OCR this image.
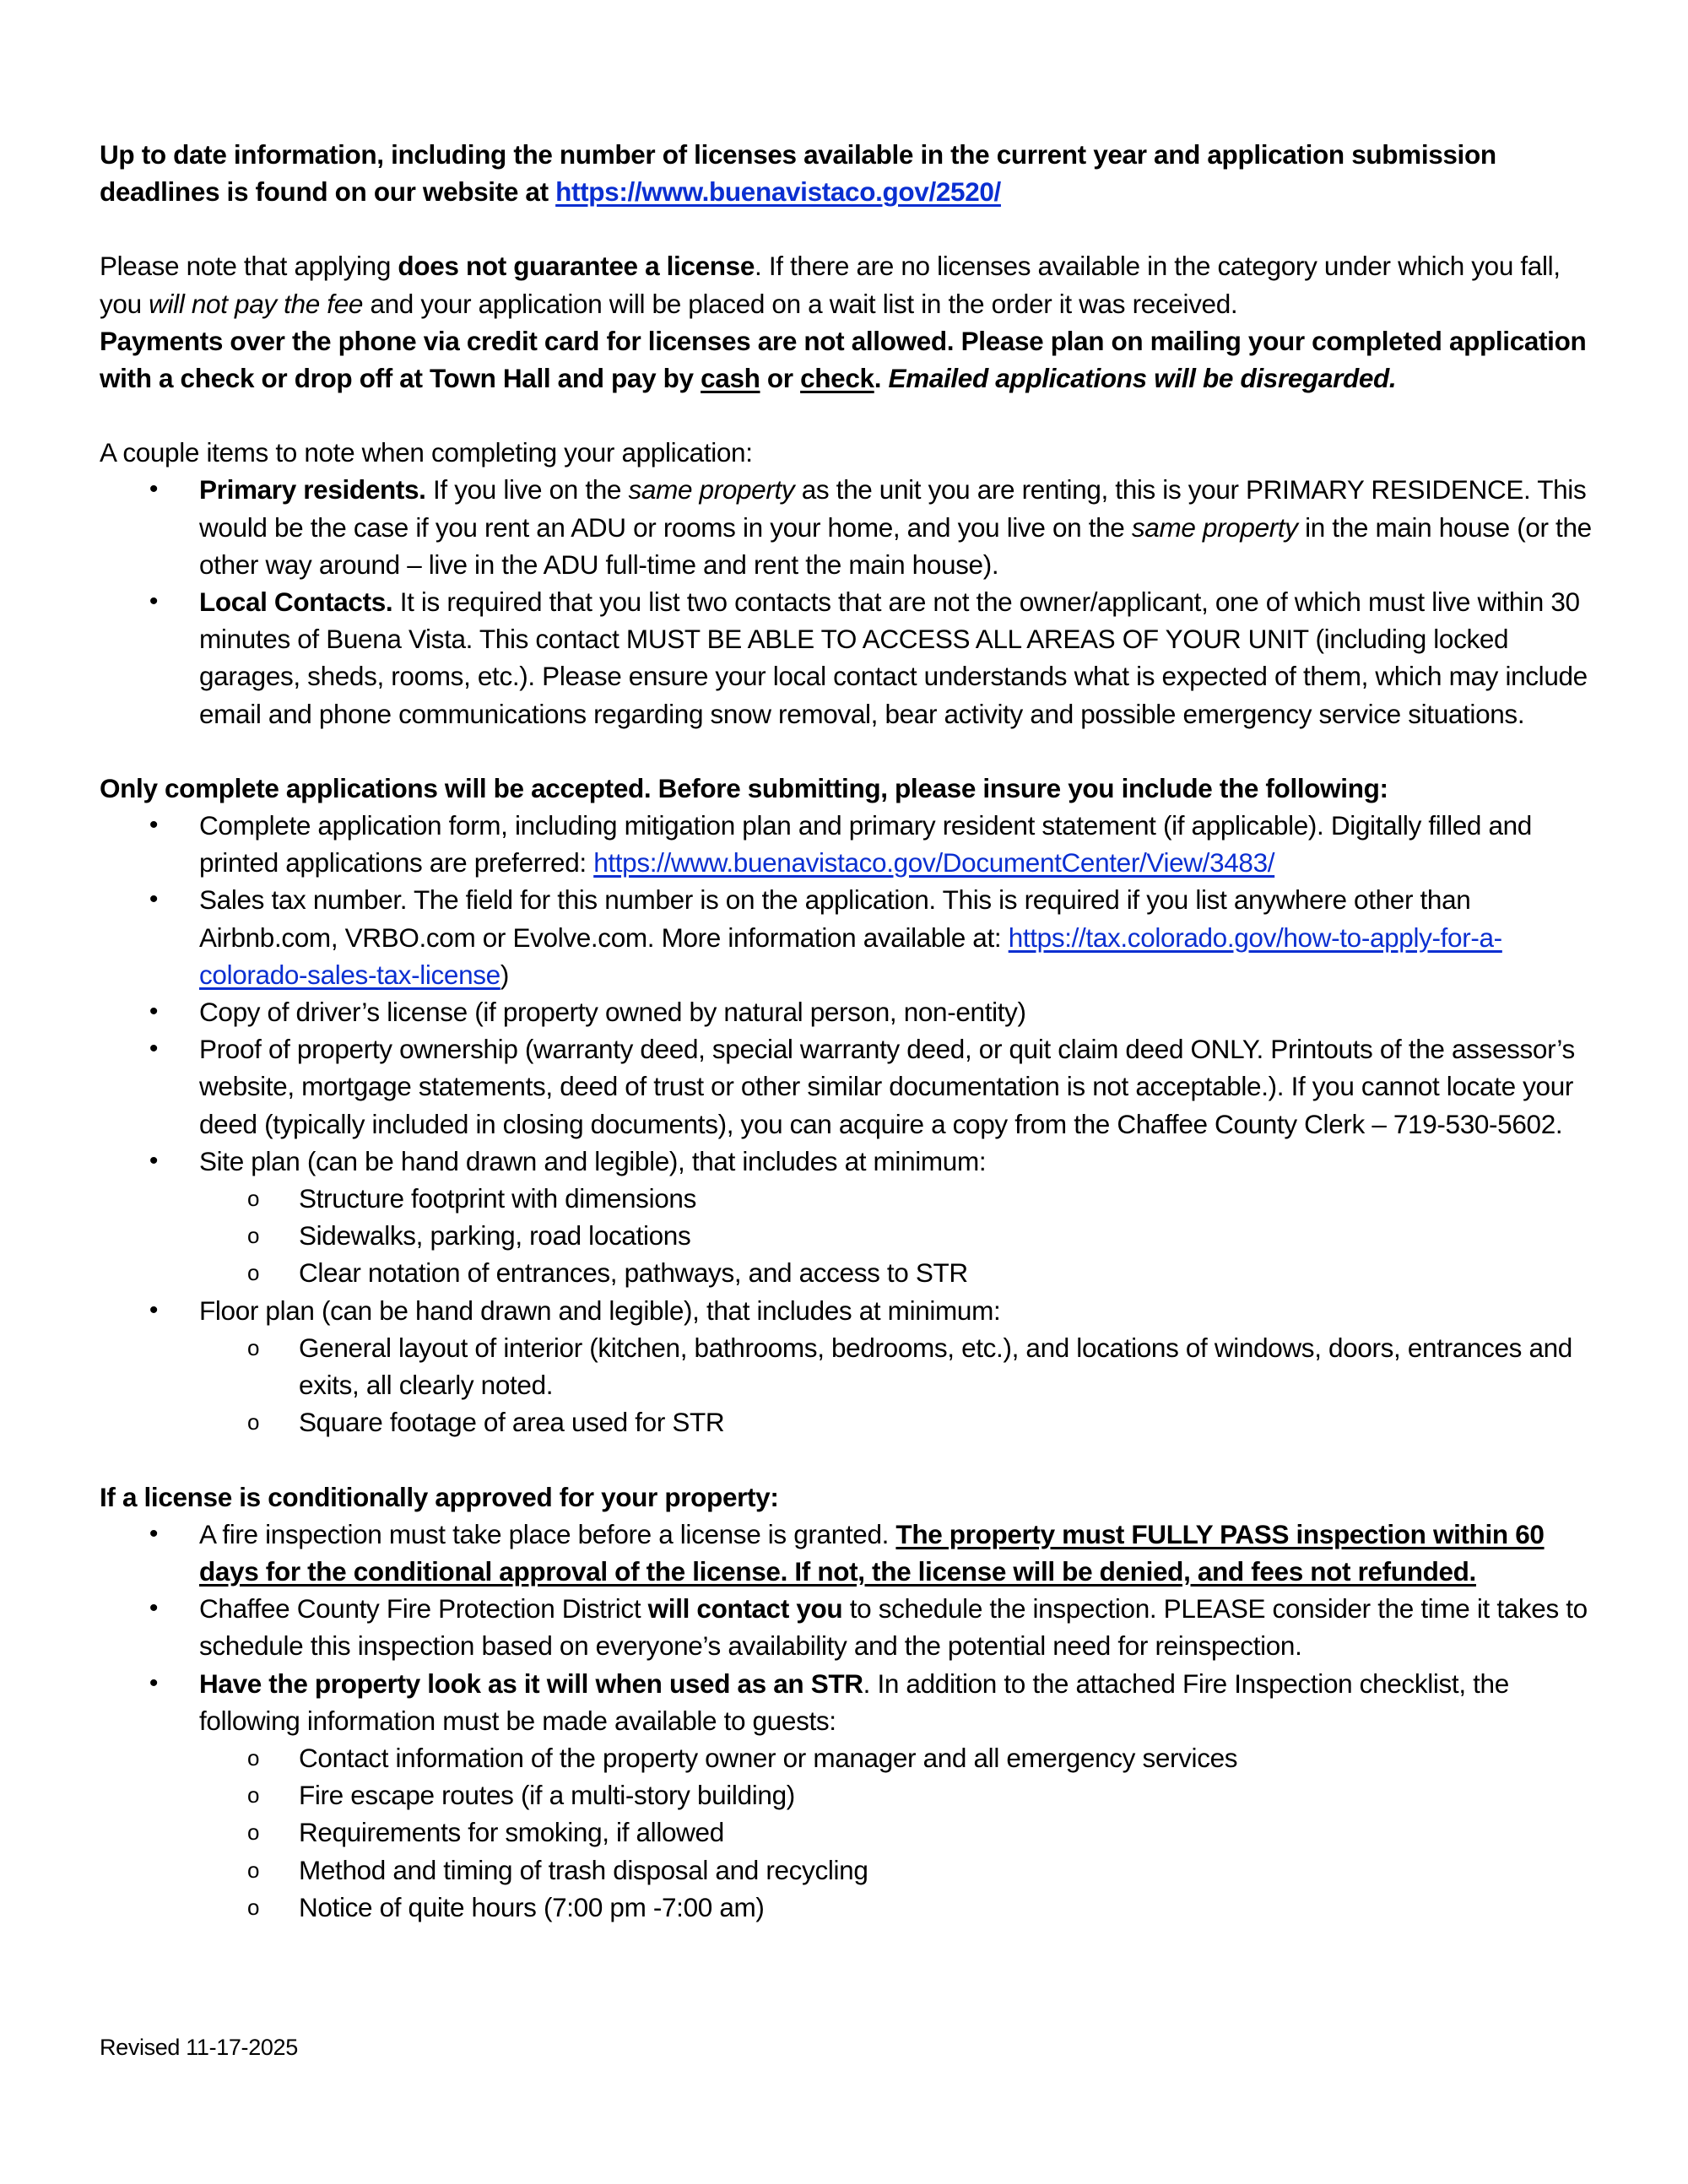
Up to date information, including the number of licenses available in the current year and application submission deadlines is found on our website at https://www.buenavistaco.gov/2520/

Please note that applying does not guarantee a license. If there are no licenses available in the category under which you fall, you will not pay the fee and your application will be placed on a wait list in the order it was received.
Payments over the phone via credit card for licenses are not allowed. Please plan on mailing your completed application with a check or drop off at Town Hall and pay by cash or check. Emailed applications will be disregarded.

A couple items to note when completing your application:

• Primary residents. If you live on the same property as the unit you are renting, this is your PRIMARY RESIDENCE. This would be the case if you rent an ADU or rooms in your home, and you live on the same property in the main house (or the other way around – live in the ADU full-time and rent the main house).
• Local Contacts. It is required that you list two contacts that are not the owner/applicant, one of which must live within 30 minutes of Buena Vista. This contact MUST BE ABLE TO ACCESS ALL AREAS OF YOUR UNIT (including locked garages, sheds, rooms, etc.). Please ensure your local contact understands what is expected of them, which may include email and phone communications regarding snow removal, bear activity and possible emergency service situations.

Only complete applications will be accepted. Before submitting, please insure you include the following:

• Complete application form, including mitigation plan and primary resident statement (if applicable). Digitally filled and printed applications are preferred: https://www.buenavistaco.gov/DocumentCenter/View/3483/
• Sales tax number. The field for this number is on the application. This is required if you list anywhere other than Airbnb.com, VRBO.com or Evolve.com. More information available at: https://tax.colorado.gov/how-to-apply-for-a-colorado-sales-tax-license)
• Copy of driver’s license (if property owned by natural person, non-entity)
• Proof of property ownership (warranty deed, special warranty deed, or quit claim deed ONLY. Printouts of the assessor’s website, mortgage statements, deed of trust or other similar documentation is not acceptable.). If you cannot locate your deed (typically included in closing documents), you can acquire a copy from the Chaffee County Clerk – 719-530-5602.
• Site plan (can be hand drawn and legible), that includes at minimum:
o Structure footprint with dimensions
o Sidewalks, parking, road locations
o Clear notation of entrances, pathways, and access to STR
• Floor plan (can be hand drawn and legible), that includes at minimum:
o General layout of interior (kitchen, bathrooms, bedrooms, etc.), and locations of windows, doors, entrances and exits, all clearly noted.
o Square footage of area used for STR

If a license is conditionally approved for your property:

• A fire inspection must take place before a license is granted. The property must FULLY PASS inspection within 60 days for the conditional approval of the license. If not, the license will be denied, and fees not refunded.
• Chaffee County Fire Protection District will contact you to schedule the inspection. PLEASE consider the time it takes to schedule this inspection based on everyone’s availability and the potential need for reinspection.
• Have the property look as it will when used as an STR. In addition to the attached Fire Inspection checklist, the following information must be made available to guests:
o Contact information of the property owner or manager and all emergency services
o Fire escape routes (if a multi-story building)
o Requirements for smoking, if allowed
o Method and timing of trash disposal and recycling
o Notice of quite hours (7:00 pm -7:00 am)
Revised 11-17-2025
